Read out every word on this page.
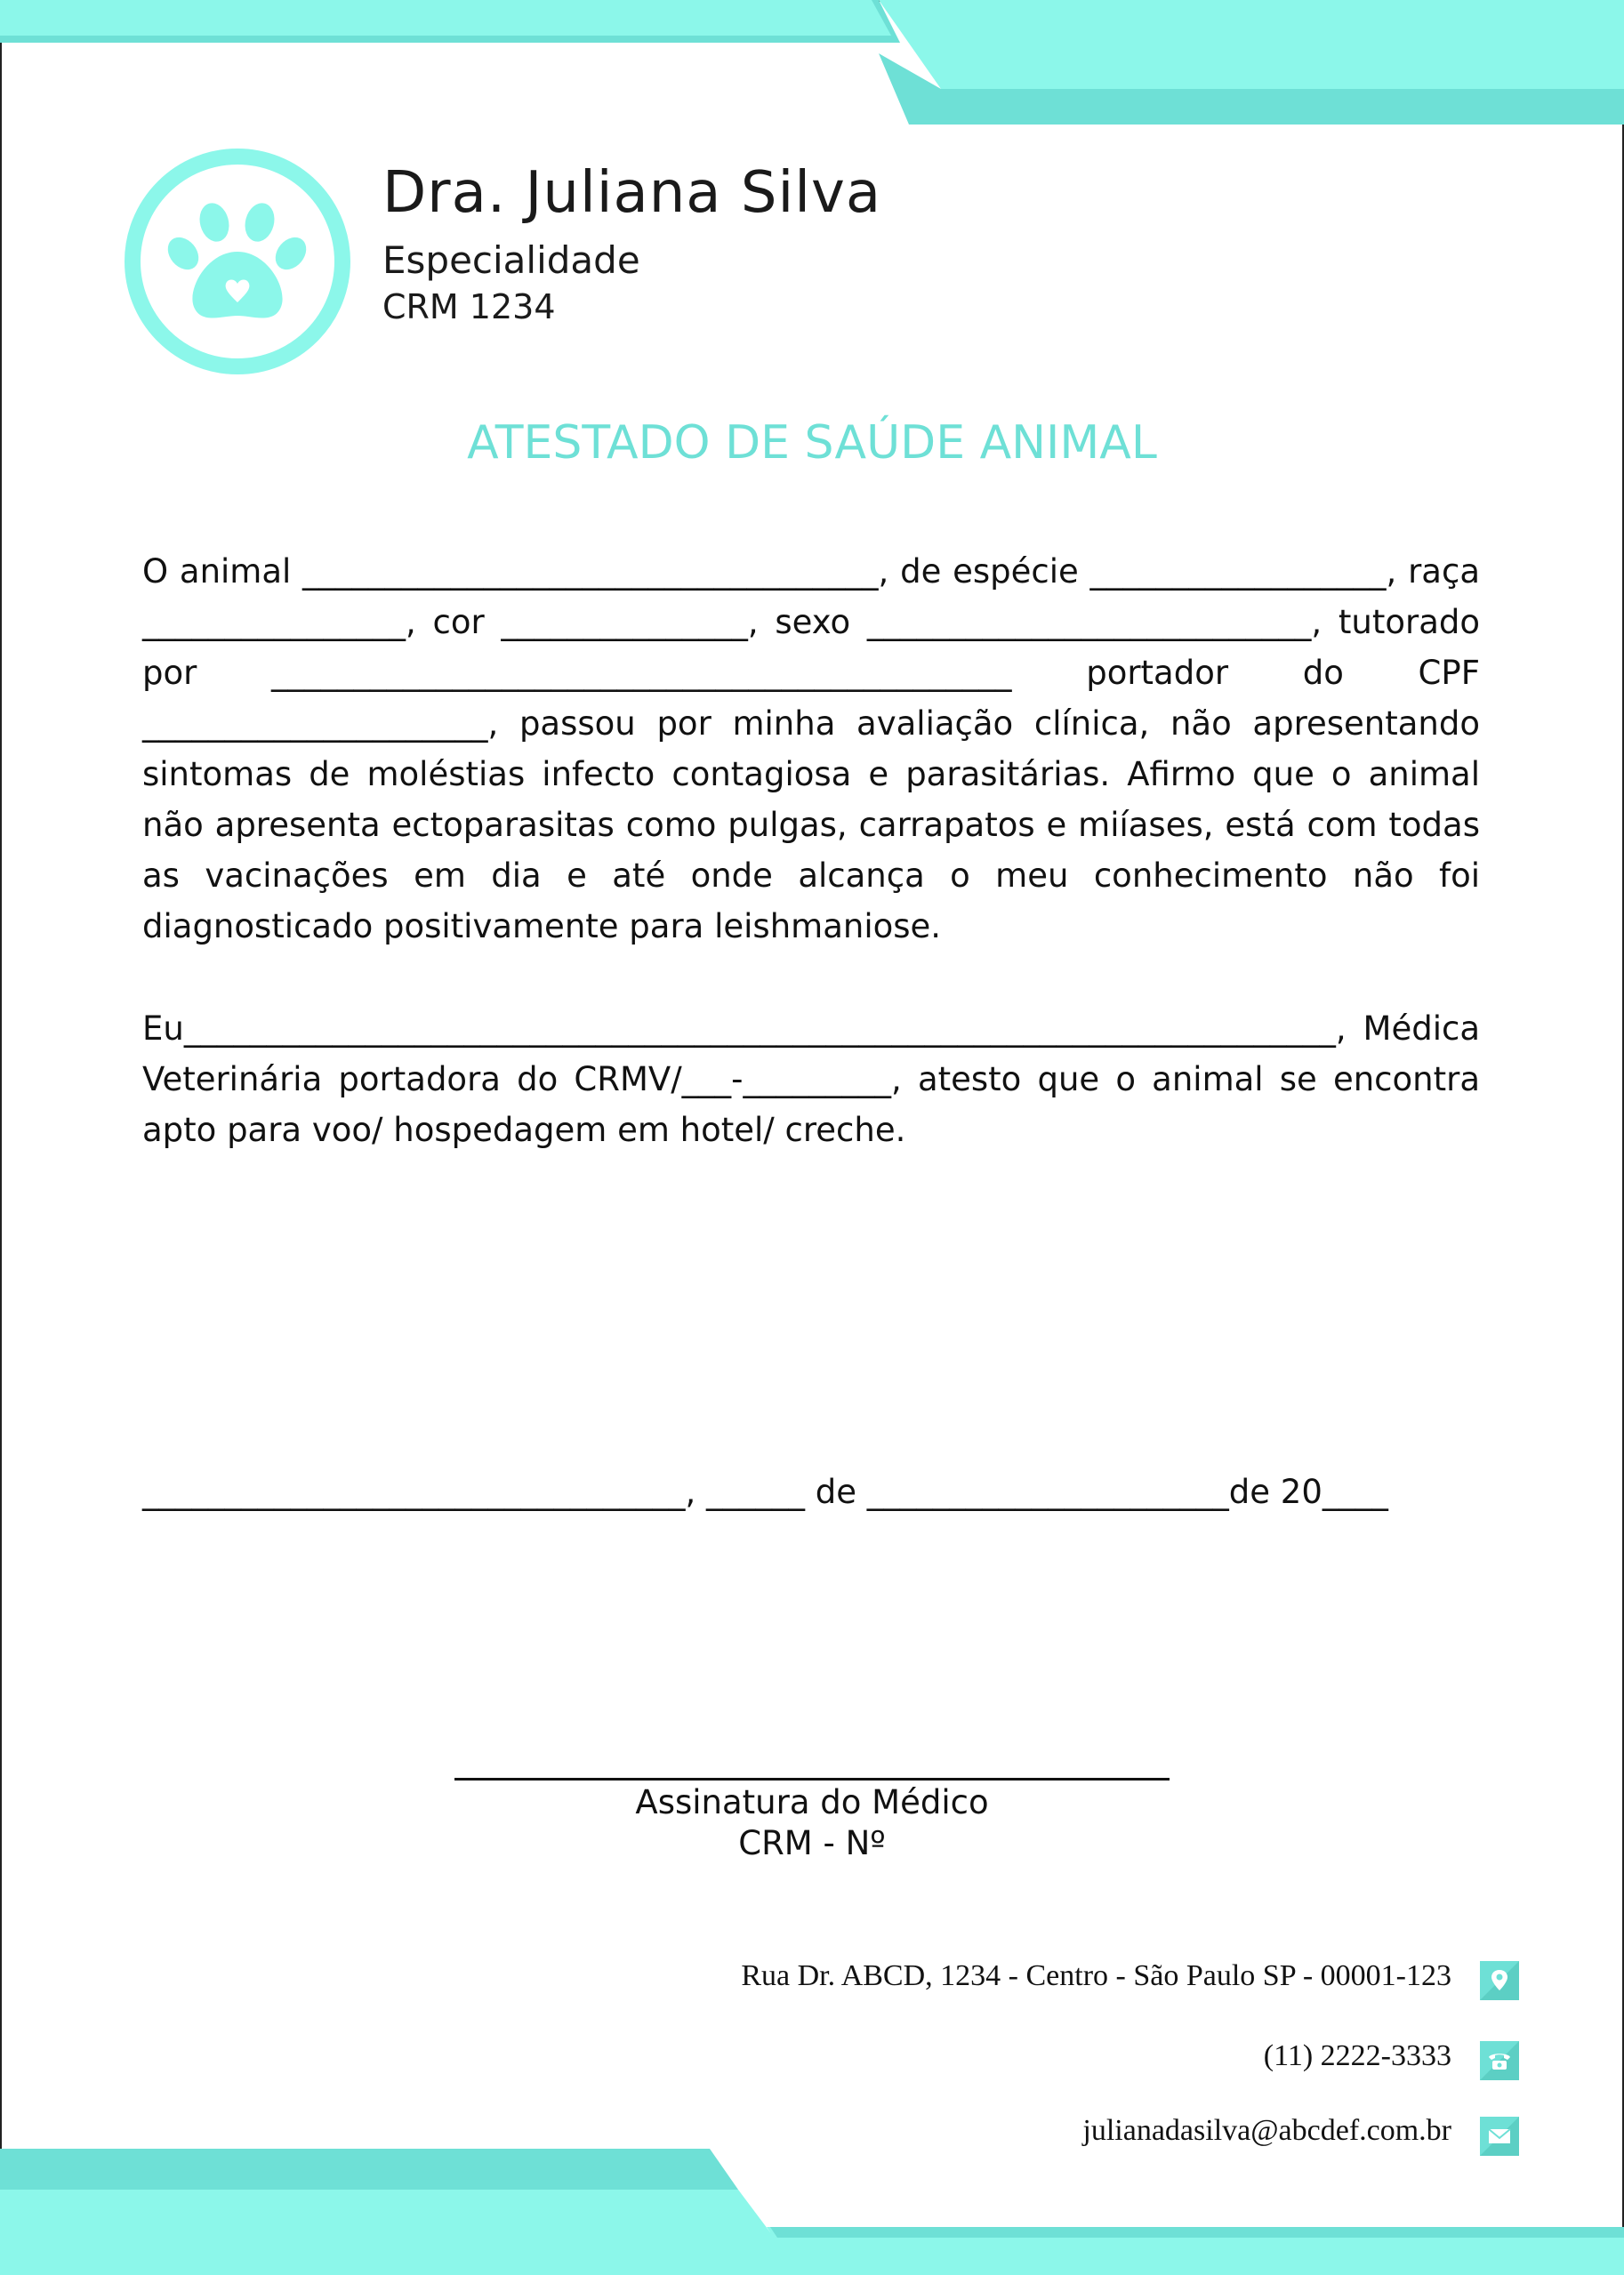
Dra. Juliana Silva
Especialidade
CRM 1234
ATESTADO DE SAÚDE ANIMAL
O animal ___________________________________, de espécie __________________, raça ________________, cor _______________, sexo ___________________________, tutorado por _____________________________________________ portador do CPF _____________________, passou por minha avaliação clínica, não apresentando sintomas de moléstias infecto contagiosa e parasitárias. Afirmo que o animal não apresenta ectoparasitas como pulgas, carrapatos e miíases, está com todas as vacinações em dia e até onde alcança o meu conhecimento não foi diagnosticado positivamente para leishmaniose.
Eu______________________________________________________________________, Médica Veterinária portadora do CRMV/___-_________, atesto que o animal se encontra apto para voo/ hospedagem em hotel/ creche.
_________________________________, ______ de ______________________de 20____
Assinatura do Médico
CRM - Nº
Rua Dr. ABCD, 1234 - Centro - São Paulo SP - 00001-123
(11) 2222-3333
julianadasilva@abcdef.com.br
